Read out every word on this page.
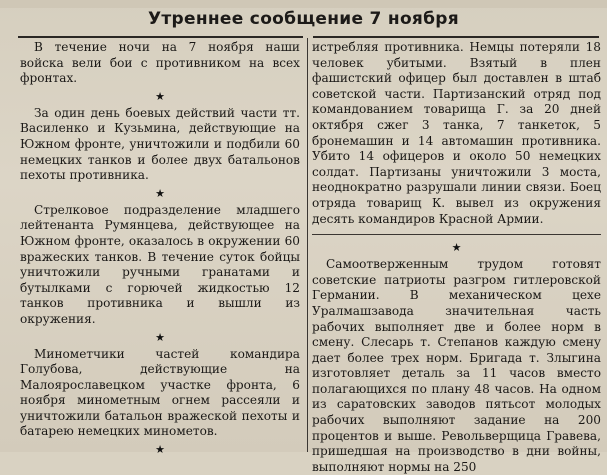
Утреннее сообщение 7 ноября

В течение ночи на 7 ноября наши войска вели бои с противником на всех фронтах.

★

За один день боевых действий части тт. Василенко и Кузьмина, действующие на Южном фронте, уничтожили и подбили 60 немецких танков и более двух батальонов пехоты противника.

★

Стрелковое подразделение младшего лейтенанта Румянцева, действующее на Южном фронте, оказалось в окружении 60 вражеских танков. В течение суток бойцы уничтожили ручными гранатами и бутылками с горючей жидкостью 12 танков противника и вышли из окружения.

★

Минометчики частей командира Голубова, действующие на Малоярославецком участке фронта, 6 ноября минометным огнем рассеяли и уничтожили батальон вражеской пехоты и батарею немецких минометов.

★

истребляя противника. Немцы потеряли 18 человек убитыми. Взятый в плен фашистский офицер был доставлен в штаб советской части. Партизанский отряд под командованием товарища Г. за 20 дней октября сжег 3 танка, 7 танкеток, 5 бронемашин и 14 автомашин противника. Убито 14 офицеров и около 50 немецких солдат. Партизаны уничтожили 3 моста, неоднократно разрушали линии связи. Боец отряда товарищ К. вывел из окружения десять командиров Красной Армии.

★

Самоотверженным трудом готовят советские патриоты разгром гитлеровской Германии. В механическом цехе Уралмашзавода значительная часть рабочих выполняет две и более норм в смену. Слесарь т. Степанов каждую смену дает более трех норм. Бригада т. Злыгина изготовляет деталь за 11 часов вместо полагающихся по плану 48 часов. На одном из саратовских заводов пятьсот молодых рабочих выполняют задание на 200 процентов и выше. Револьверщица Гравева, пришедшая на производство в дни войны, выполняют нормы на 250
